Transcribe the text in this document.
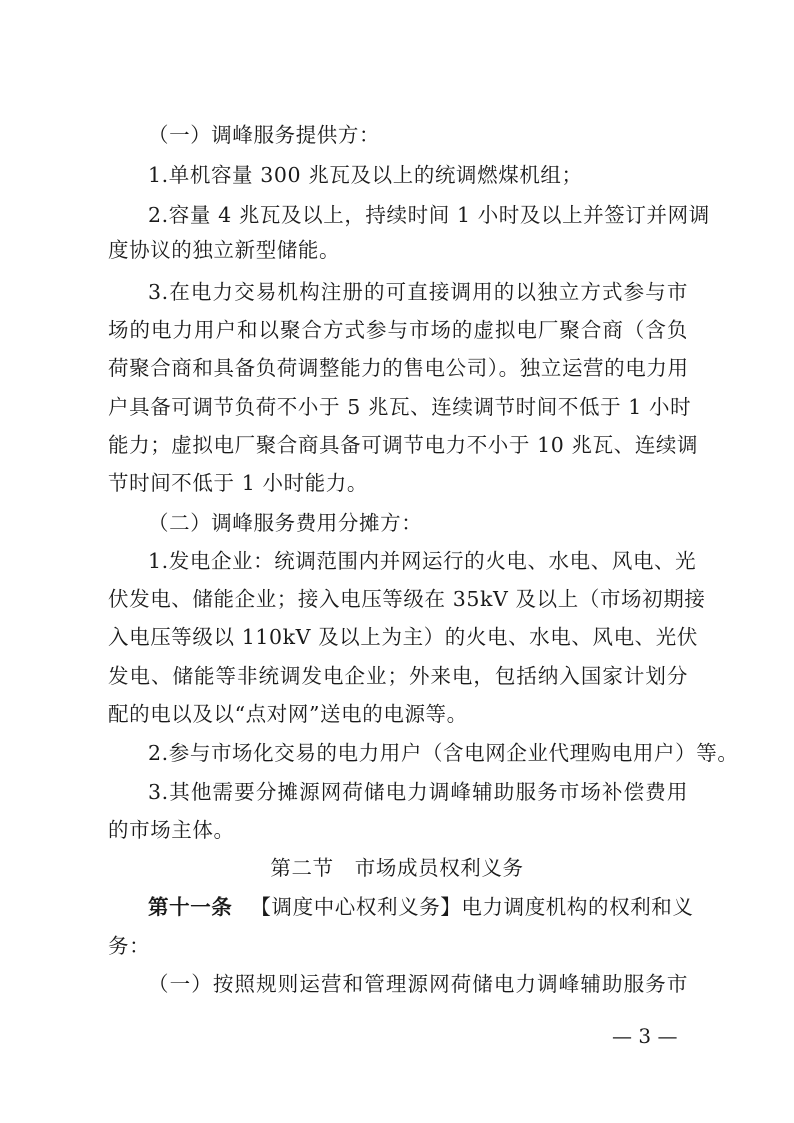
（一）调峰服务提供方：
1.单机容量 300 兆瓦及以上的统调燃煤机组；
2.容量 4 兆瓦及以上，持续时间 1 小时及以上并签订并网调
度协议的独立新型储能。
3.在电力交易机构注册的可直接调用的以独立方式参与市
场的电力用户和以聚合方式参与市场的虚拟电厂聚合商（含负
荷聚合商和具备负荷调整能力的售电公司）。独立运营的电力用
户具备可调节负荷不小于 5 兆瓦、连续调节时间不低于 1 小时
能力；虚拟电厂聚合商具备可调节电力不小于 10 兆瓦、连续调
节时间不低于 1 小时能力。
（二）调峰服务费用分摊方：
1.发电企业：统调范围内并网运行的火电、水电、风电、光
伏发电、储能企业；接入电压等级在 35kV 及以上（市场初期接
入电压等级以 110kV 及以上为主）的火电、水电、风电、光伏
发电、储能等非统调发电企业；外来电，包括纳入国家计划分
配的电以及以“点对网”送电的电源等。
2.参与市场化交易的电力用户（含电网企业代理购电用户）等。
3.其他需要分摊源网荷储电力调峰辅助服务市场补偿费用
的市场主体。
第二节　市场成员权利义务
第十一条 【调度中心权利义务】电力调度机构的权利和义
务：
（一）按照规则运营和管理源网荷储电力调峰辅助服务市
— 3 —
